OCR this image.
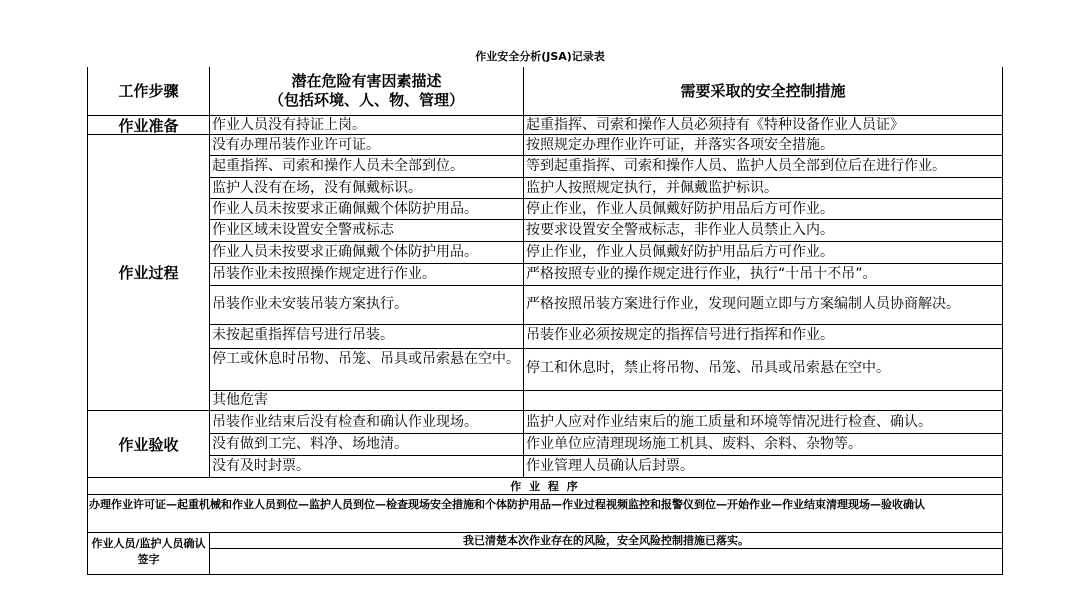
作业安全分析(JSA)记录表
工作步骤
潜在危险有害因素描述
（包括环境、人、物、管理）
需要采取的安全控制措施
作业准备
作业过程
作业验收
作业人员没有持证上岗。
没有办理吊装作业许可证。
起重指挥、司索和操作人员未全部到位。
监护人没有在场，没有佩戴标识。
作业人员未按要求正确佩戴个体防护用品。
作业区域未设置安全警戒标志
作业人员未按要求正确佩戴个体防护用品。
吊装作业未按照操作规定进行作业。
吊装作业未安装吊装方案执行。
未按起重指挥信号进行吊装。
停工或休息时吊物、吊笼、吊具或吊索悬在空中。
其他危害
吊装作业结束后没有检查和确认作业现场。
没有做到工完、料净、场地清。
没有及时封票。
起重指挥、司索和操作人员必须持有《特种设备作业人员证》
按照规定办理作业许可证，并落实各项安全措施。
等到起重指挥、司索和操作人员、监护人员全部到位后在进行作业。
监护人按照规定执行，并佩戴监护标识。
停止作业，作业人员佩戴好防护用品后方可作业。
按要求设置安全警戒标志，非作业人员禁止入内。
停止作业，作业人员佩戴好防护用品后方可作业。
严格按照专业的操作规定进行作业，执行“十吊十不吊”。
严格按照吊装方案进行作业，发现问题立即与方案编制人员协商解决。
吊装作业必须按规定的指挥信号进行指挥和作业。
停工和休息时，禁止将吊物、吊笼、吊具或吊索悬在空中。
监护人应对作业结束后的施工质量和环境等情况进行检查、确认。
作业单位应清理现场施工机具、废料、余料、杂物等。
作业管理人员确认后封票。
作 业 程 序
办理作业许可证—起重机械和作业人员到位—监护人员到位—检查现场安全措施和个体防护用品—作业过程视频监控和报警仪到位—开始作业—作业结束清理现场—验收确认
作业人员/监护人员确认签字
我已清楚本次作业存在的风险，安全风险控制措施已落实。
